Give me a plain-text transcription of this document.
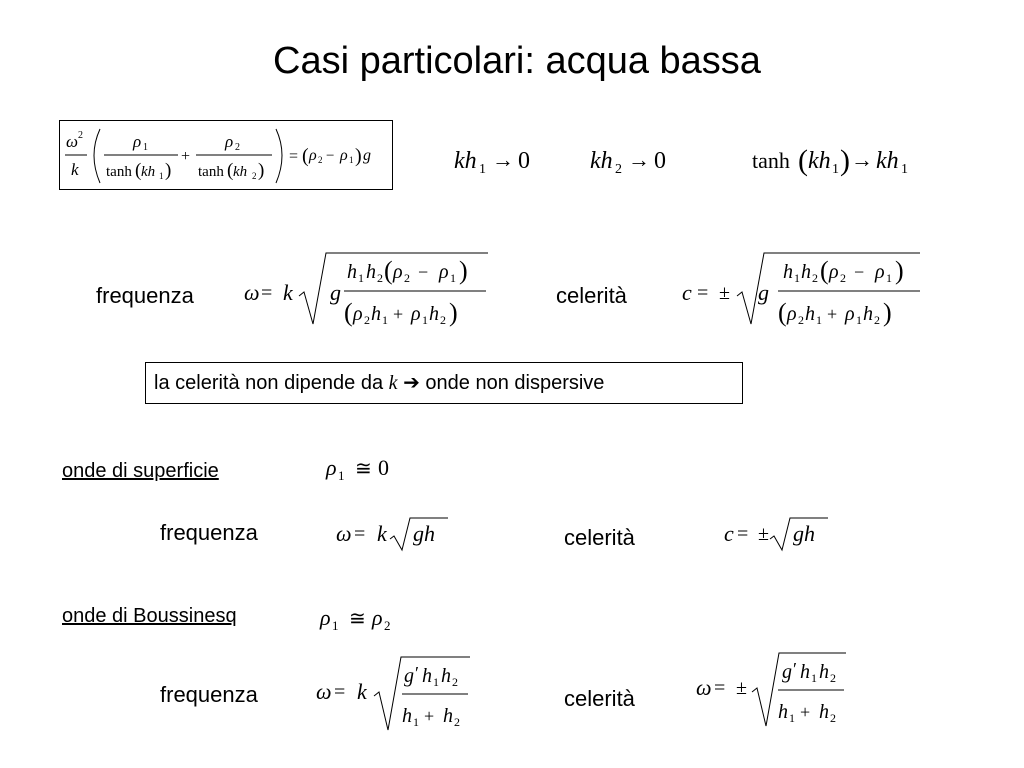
Casi particolari: acqua bassa
ω 2
k
ρ 1
tanh ( kh 1 )
+
ρ 2
tanh ( kh 2 )
= ( ρ 2 − ρ 1 ) g	kh 1 → 0	kh 2 → 0	tanh ( kh 1 ) → kh 1
frequenza ω = k g
h 1 h 2 ( ρ 2 − ρ 1 )
( ρ 2 h 1 + ρ 1 h 2 )
celerità	c = ± g
h 1 h 2 ( ρ 2 − ρ 1 )
( ρ 2 h 1 + ρ 1 h 2 )
la celerità non dipende da k ➔ onde non dispersive
onde di superficie	ρ 1 ≅ 0
frequenza	ω = k gh	celerità	c = ± gh
onde di Boussinesq	ρ 1 ≅ ρ 2
frequenza	ω = k
g ′ h 1 h 2
h 1 + h 2
celerità	ω = ±
g ′ h 1 h 2
h 1 + h 2
